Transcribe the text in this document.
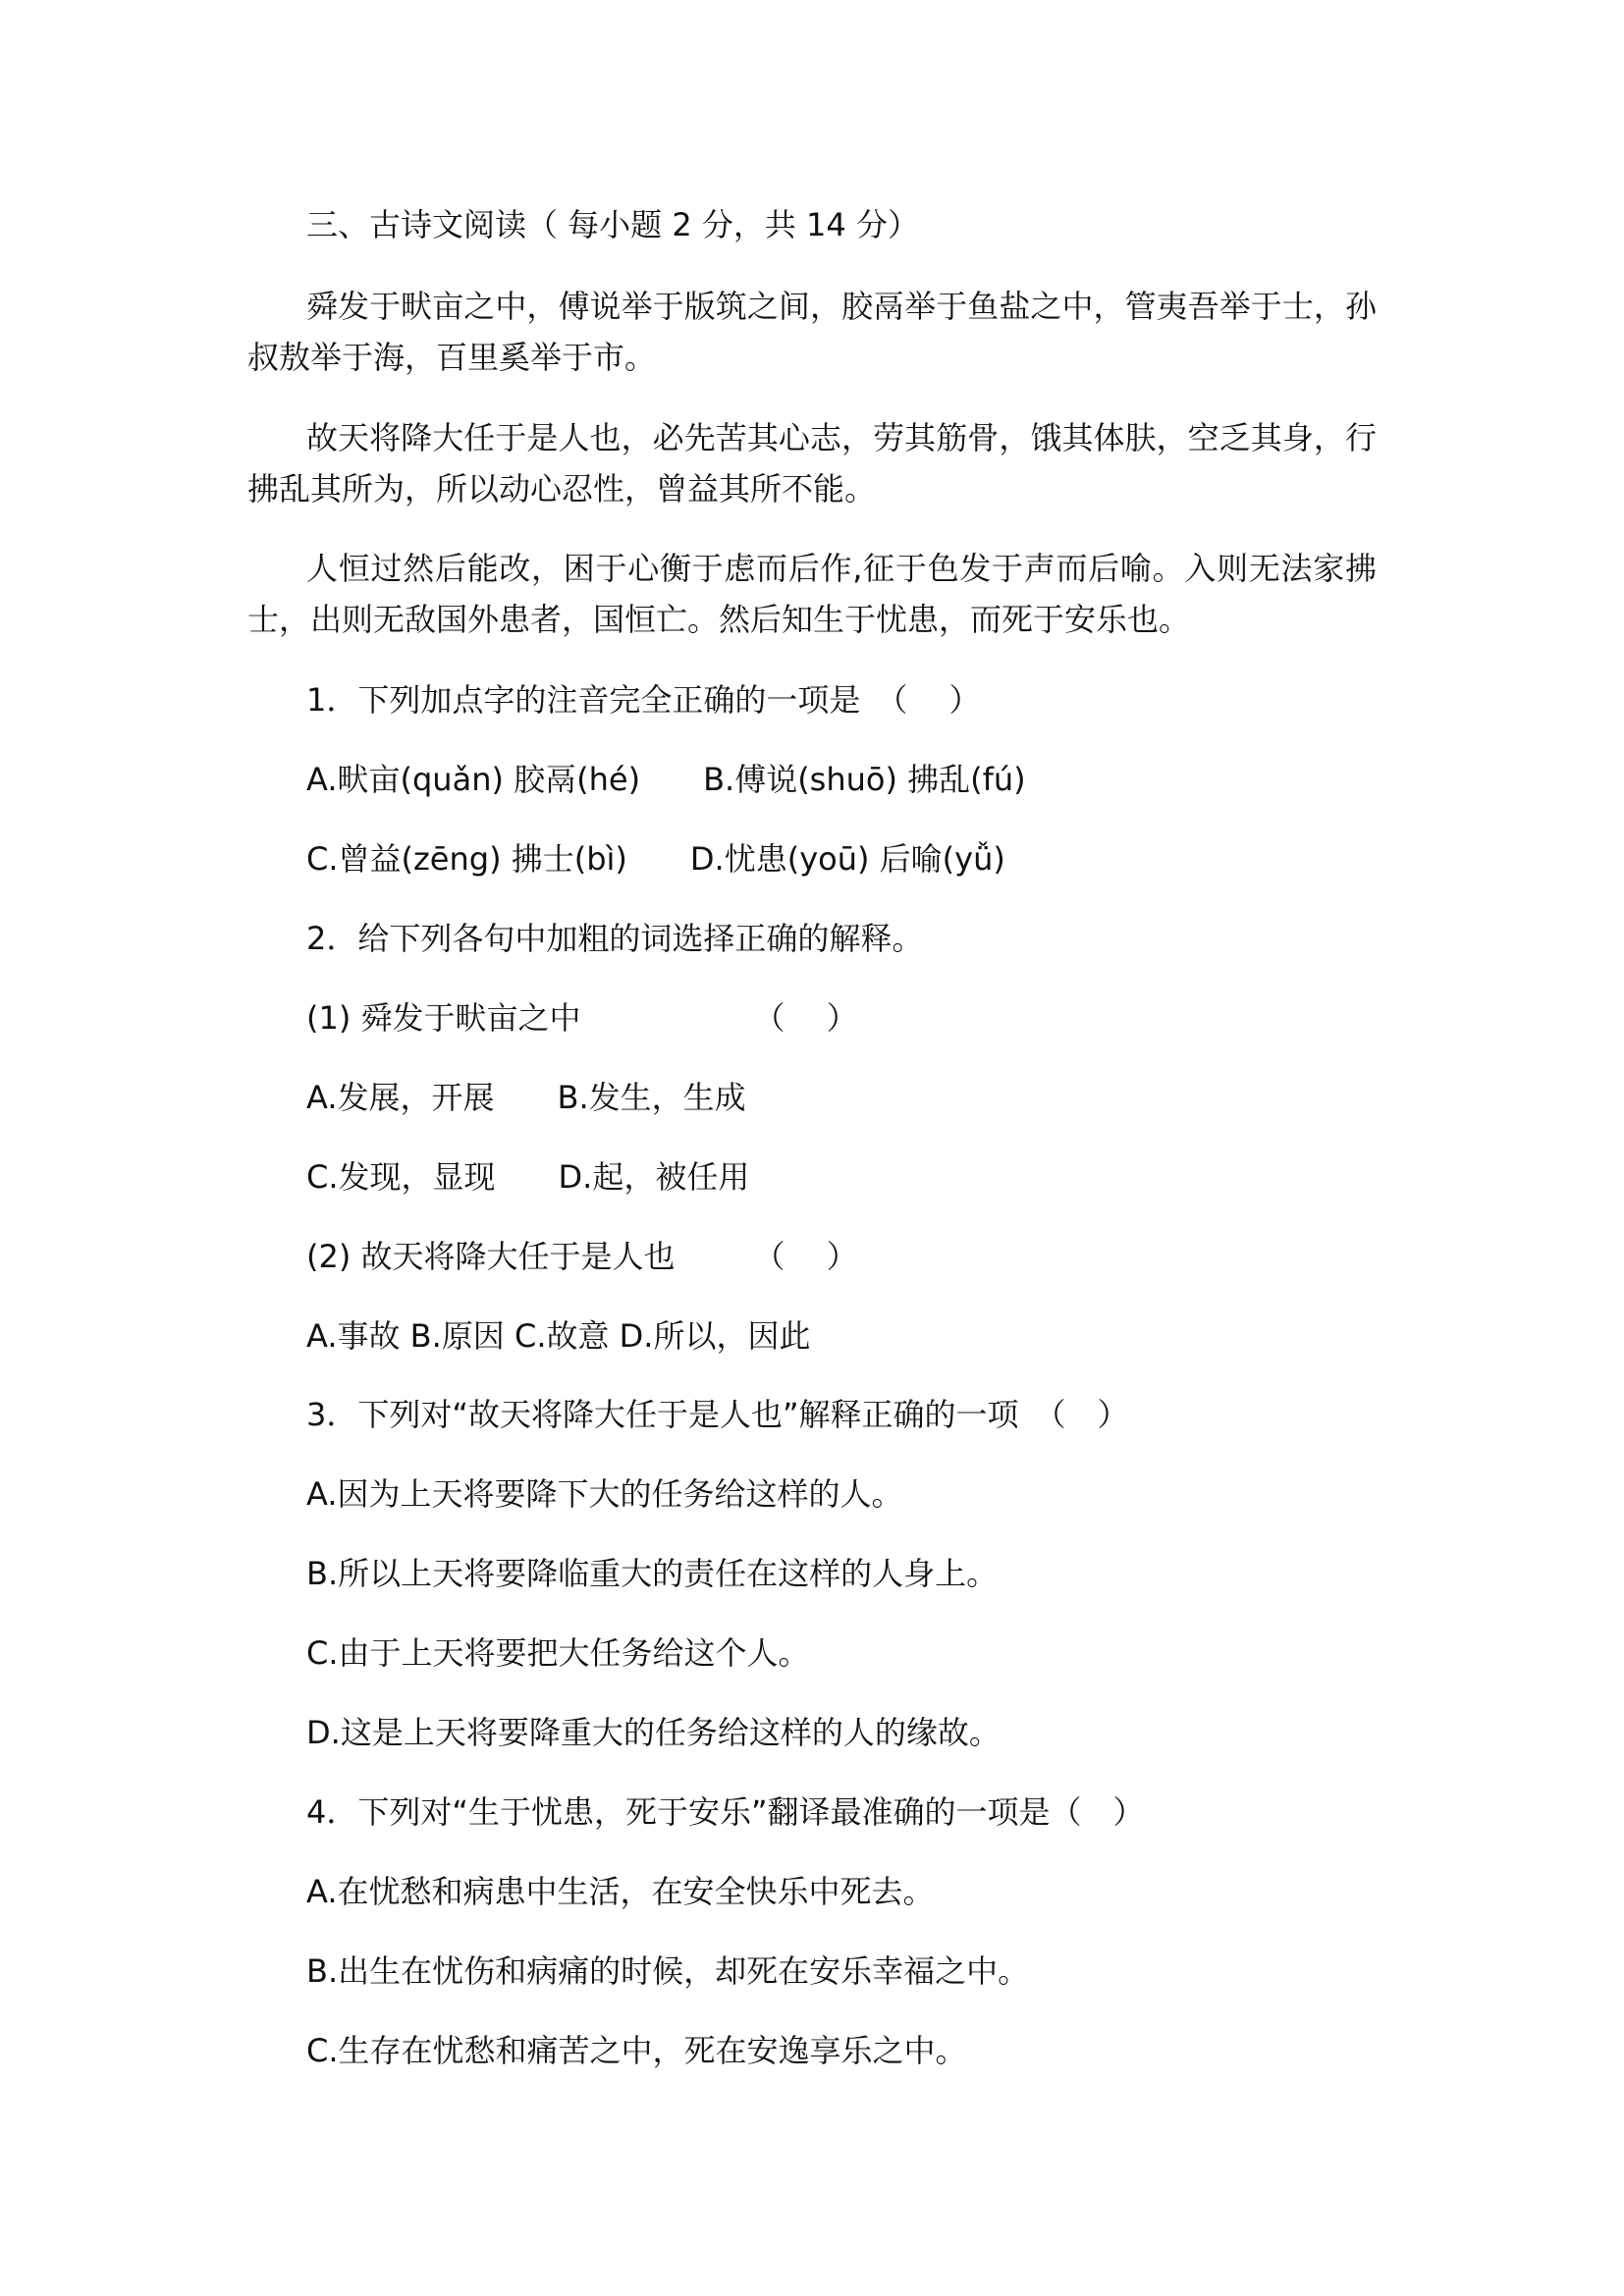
三、古诗文阅读（ 每小题 2 分，共 14 分）
舜发于畎亩之中，傅说举于版筑之间，胶鬲举于鱼盐之中，管夷吾举于士，孙叔敖举于海，百里奚举于市。
故天将降大任于是人也，必先苦其心志，劳其筋骨，饿其体肤，空乏其身，行拂乱其所为，所以动心忍性，曾益其所不能。
人恒过然后能改，困于心衡于虑而后作,征于色发于声而后喻。入则无法家拂士，出则无敌国外患者，国恒亡。然后知生于忧患，而死于安乐也。
1．下列加点字的注音完全正确的一项是　（　 ）
A.畎亩(quǎn) 胶鬲(hé)　　B.傅说(shuō) 拂乱(fú)
C.曾益(zēng) 拂士(bì)　　D.忧患(yoū) 后喻(yǚ)
2．给下列各句中加粗的词选择正确的解释。
(1) 舜发于畎亩之中　　　　　　（　 ）
A.发展，开展　　B.发生，生成
C.发现，显现　　D.起，被任用
(2) 故天将降大任于是人也　　　（　 ）
A.事故 B.原因 C.故意 D.所以，因此
3．下列对“故天将降大任于是人也”解释正确的一项　（　）
A.因为上天将要降下大的任务给这样的人。
B.所以上天将要降临重大的责任在这样的人身上。
C.由于上天将要把大任务给这个人。
D.这是上天将要降重大的任务给这样的人的缘故。
4．下列对“生于忧患，死于安乐”翻译最准确的一项是（　）
A.在忧愁和病患中生活，在安全快乐中死去。
B.出生在忧伤和病痛的时候，却死在安乐幸福之中。
C.生存在忧愁和痛苦之中，死在安逸享乐之中。
